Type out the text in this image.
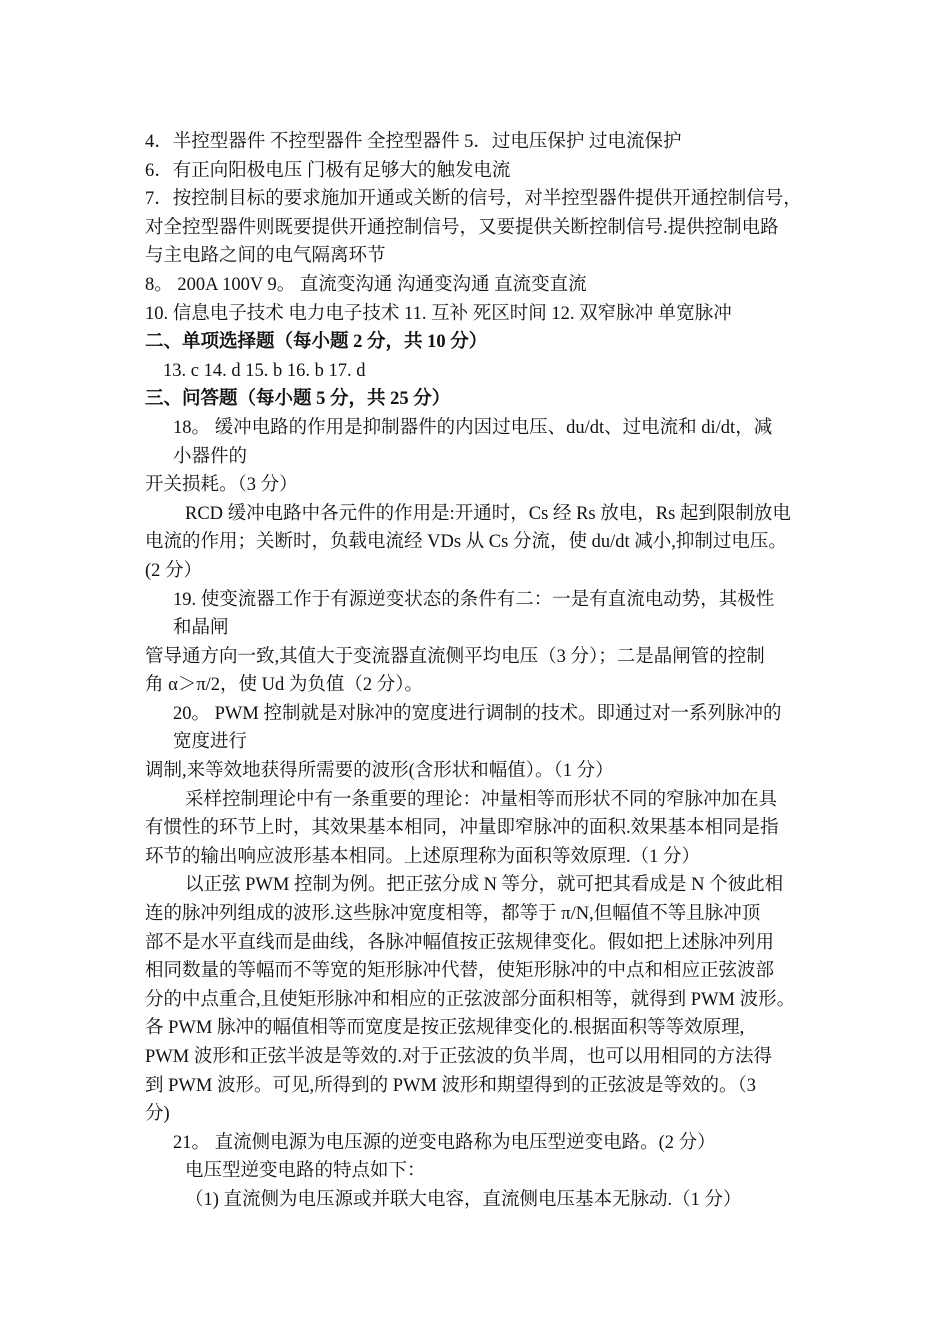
4．半控型器件 不控型器件 全控型器件 5．过电压保护 过电流保护
6．有正向阳极电压 门极有足够大的触发电流
7．按控制目标的要求施加开通或关断的信号，对半控型器件提供开通控制信号，
对全控型器件则既要提供开通控制信号，又要提供关断控制信号.提供控制电路
与主电路之间的电气隔离环节
8。 200A 100V 9。 直流变沟通 沟通变沟通 直流变直流
10. 信息电子技术 电力电子技术 11. 互补 死区时间 12. 双窄脉冲 单宽脉冲
二、单项选择题（每小题 2 分，共 10 分）
13. c 14. d 15. b 16. b 17. d
三、问答题（每小题 5 分，共 25 分）
18。 缓冲电路的作用是抑制器件的内因过电压、du/dt、过电流和 di/dt，减
小器件的
开关损耗。（3 分）
RCD 缓冲电路中各元件的作用是:开通时，Cs 经 Rs 放电，Rs 起到限制放电
电流的作用；关断时，负载电流经 VDs 从 Cs 分流，使 du/dt 减小,抑制过电压。
(2 分）
19. 使变流器工作于有源逆变状态的条件有二：一是有直流电动势，其极性
和晶闸
管导通方向一致,其值大于变流器直流侧平均电压（3 分）；二是晶闸管的控制
角 α＞π/2，使 Ud 为负值（2 分）。
20。 PWM 控制就是对脉冲的宽度进行调制的技术。即通过对一系列脉冲的
宽度进行
调制,来等效地获得所需要的波形(含形状和幅值）。（1 分）
采样控制理论中有一条重要的理论：冲量相等而形状不同的窄脉冲加在具
有惯性的环节上时，其效果基本相同，冲量即窄脉冲的面积.效果基本相同是指
环节的输出响应波形基本相同。上述原理称为面积等效原理.（1 分）
以正弦 PWM 控制为例。把正弦分成 N 等分，就可把其看成是 N 个彼此相
连的脉冲列组成的波形.这些脉冲宽度相等，都等于 π/N,但幅值不等且脉冲顶
部不是水平直线而是曲线，各脉冲幅值按正弦规律变化。假如把上述脉冲列用
相同数量的等幅而不等宽的矩形脉冲代替，使矩形脉冲的中点和相应正弦波部
分的中点重合,且使矩形脉冲和相应的正弦波部分面积相等，就得到 PWM 波形。
各 PWM 脉冲的幅值相等而宽度是按正弦规律变化的.根据面积等等效原理,
PWM 波形和正弦半波是等效的.对于正弦波的负半周，也可以用相同的方法得
到 PWM 波形。可见,所得到的 PWM 波形和期望得到的正弦波是等效的。（3
分)
21。 直流侧电源为电压源的逆变电路称为电压型逆变电路。(2 分）
电压型逆变电路的特点如下：
（1) 直流侧为电压源或并联大电容，直流侧电压基本无脉动.（1 分）
